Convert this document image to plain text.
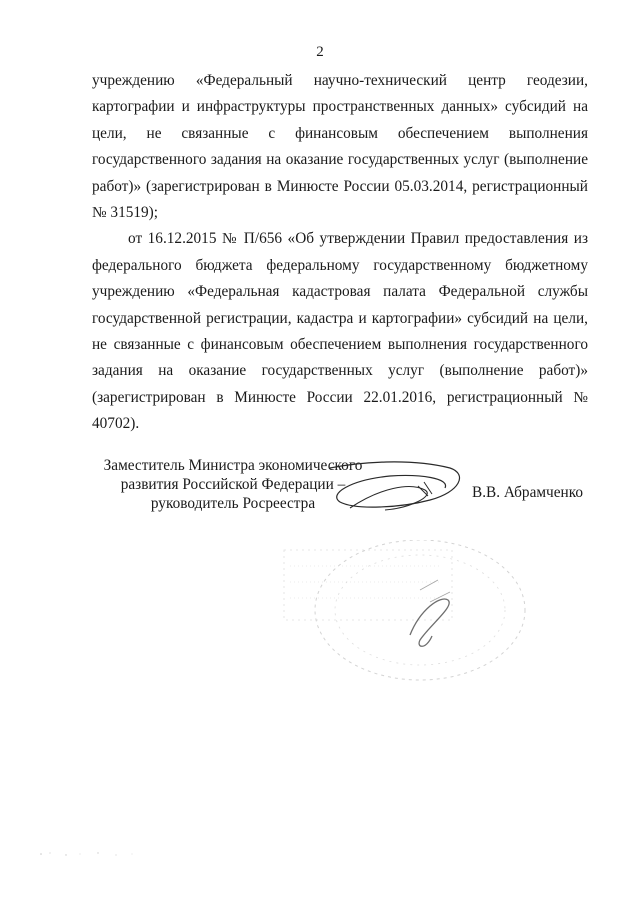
2

учреждению «Федеральный научно-технический центр геодезии, картографии и инфраструктуры пространственных данных» субсидий на цели, не связанные с финансовым обеспечением выполнения государственного задания на оказание государственных услуг (выполнение работ)» (зарегистрирован в Минюсте России 05.03.2014, регистрационный № 31519);

от 16.12.2015 № П/656 «Об утверждении Правил предоставления из федерального бюджета федеральному государственному бюджетному учреждению «Федеральная кадастровая палата Федеральной службы государственной регистрации, кадастра и картографии» субсидий на цели, не связанные с финансовым обеспечением выполнения государственного задания на оказание государственных услуг (выполнение работ)» (зарегистрирован в Минюсте России 22.01.2016, регистрационный № 40702).

Заместитель Министра экономического
развития Российской Федерации –
руководитель Росреестра
В.В. Абрамченко
